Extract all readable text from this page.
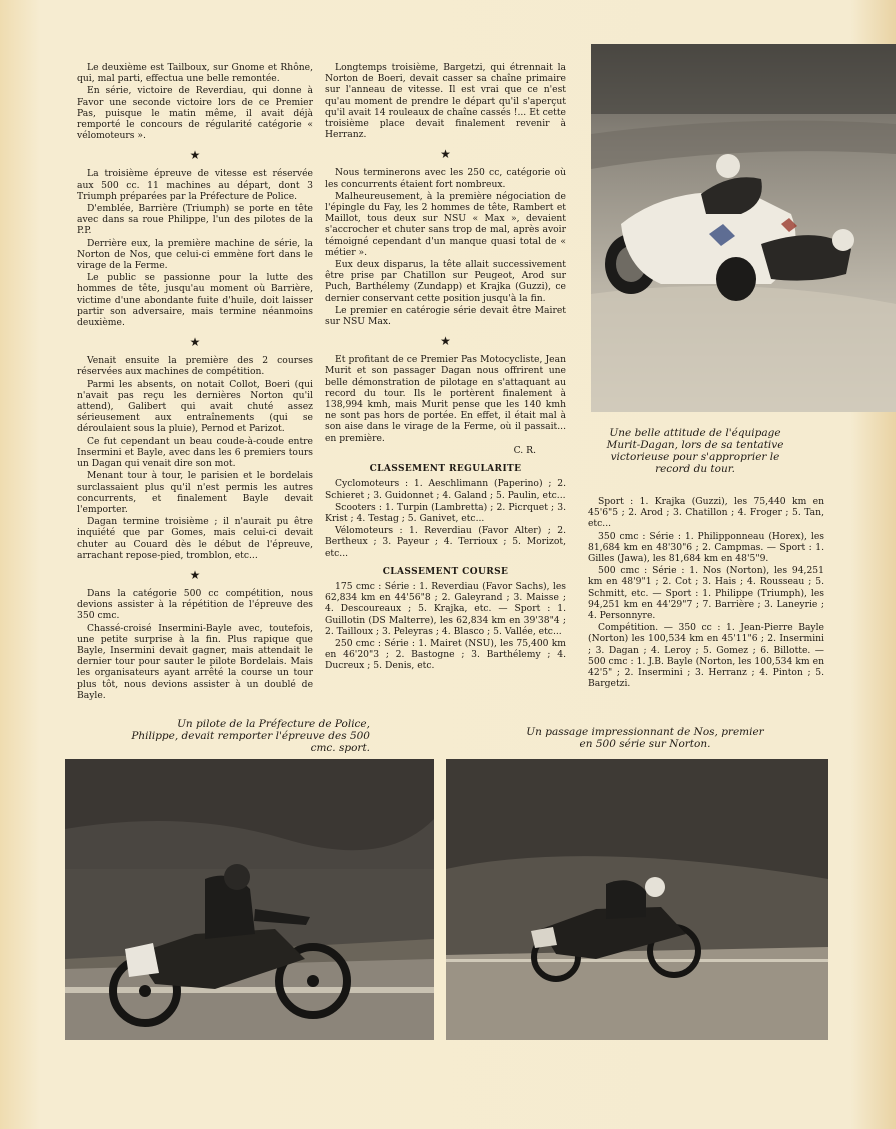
Le deuxième est Tailboux, sur Gnome et Rhône, qui, mal parti, effectua une belle remontée.

En série, victoire de Reverdiau, qui donne à Favor une seconde victoire lors de ce Premier Pas, puisque le matin même, il avait déjà remporté le concours de régularité catégorie « vélomoteurs ».

★

La troisième épreuve de vitesse est réservée aux 500 cc. 11 machines au départ, dont 3 Triumph préparées par la Préfecture de Police.

D'emblée, Barrière (Triumph) se porte en tête avec dans sa roue Philippe, l'un des pilotes de la P.P.

Derrière eux, la première machine de série, la Norton de Nos, que celui-ci emmène fort dans le virage de la Ferme.

Le public se passionne pour la lutte des hommes de tête, jusqu'au moment où Barrière, victime d'une abondante fuite d'huile, doit laisser partir son adversaire, mais termine néanmoins deuxième.

★

Venait ensuite la première des 2 courses réservées aux machines de compétition.

Parmi les absents, on notait Collot, Boeri (qui n'avait pas reçu les dernières Norton qu'il attend), Galibert qui avait chuté assez sérieusement aux entraînements (qui se déroulaient sous la pluie), Pernod et Parizot.

Ce fut cependant un beau coude-à-coude entre Insermini et Bayle, avec dans les 6 premiers tours un Dagan qui venait dire son mot.

Menant tour à tour, le parisien et le bordelais surclassaient plus qu'il n'est permis les autres concurrents, et finalement Bayle devait l'emporter.

Dagan termine troisième ; il n'aurait pu être inquiété que par Gomes, mais celui-ci devait chuter au Couard dès le début de l'épreuve, arrachant repose-pied, tromblon, etc...

★

Dans la catégorie 500 cc compétition, nous devions assister à la répétition de l'épreuve des 350 cmc.

Chassé-croisé Insermini-Bayle avec, toutefois, une petite surprise à la fin. Plus rapique que Bayle, Insermini devait gagner, mais attendait le dernier tour pour sauter le pilote Bordelais. Mais les organisateurs ayant arrêté la course un tour plus tôt, nous devions assister à un doublé de Bayle.

Longtemps troisième, Bargetzi, qui étrennait la Norton de Boeri, devait casser sa chaîne primaire sur l'anneau de vitesse. Il est vrai que ce n'est qu'au moment de prendre le départ qu'il s'aperçut qu'il avait 14 rouleaux de chaîne cassés !... Et cette troisième place devait finalement revenir à Herranz.

★

Nous terminerons avec les 250 cc, catégorie où les concurrents étaient fort nombreux.

Malheureusement, à la première négociation de l'épingle du Fay, les 2 hommes de tête, Rambert et Maillot, tous deux sur NSU « Max », devaient s'accrocher et chuter sans trop de mal, après avoir témoigné cependant d'un manque quasi total de « métier ».

Eux deux disparus, la tête allait successivement être prise par Chatillon sur Peugeot, Arod sur Puch, Barthélemy (Zundapp) et Krajka (Guzzi), ce dernier conservant cette position jusqu'à la fin.

Le premier en catérogie série devait être Mairet sur NSU Max.

★

Et profitant de ce Premier Pas Motocycliste, Jean Murit et son passager Dagan nous offrirent une belle démonstration de pilotage en s'attaquant au record du tour. Ils le portèrent finalement à 138,994 kmh, mais Murit pense que les 140 kmh ne sont pas hors de portée. En effet, il était mal à son aise dans le virage de la Ferme, où il passait... en première.

C. R.

CLASSEMENT REGULARITE

Cyclomoteurs : 1. Aeschlimann (Paperino) ; 2. Schieret ; 3. Guidonnet ; 4. Galand ; 5. Paulin, etc...

Scooters : 1. Turpin (Lambretta) ; 2. Picrquet ; 3. Krist ; 4. Testag ; 5. Ganivet, etc...

Vélomoteurs : 1. Reverdiau (Favor Alter) ; 2. Bertheux ; 3. Payeur ; 4. Terrioux ; 5. Morizot, etc...

CLASSEMENT COURSE

175 cmc : Série : 1. Reverdiau (Favor Sachs), les 62,834 km en 44'56"8 ; 2. Galeyrand ; 3. Maisse ; 4. Descoureaux ; 5. Krajka, etc. — Sport : 1. Guillotin (DS Malterre), les 62,834 km en 39'38"4 ; 2. Tailloux ; 3. Peleyras ; 4. Blasco ; 5. Vallée, etc...

250 cmc : Série : 1. Mairet (NSU), les 75,400 km en 46'20"3 ; 2. Bastogne ; 3. Barthélemy ; 4. Ducreux ; 5. Denis, etc.

Une belle attitude de l'équipage Murit-Dagan, lors de sa tentative victorieuse pour s'approprier le record du tour.

Sport : 1. Krajka (Guzzi), les 75,440 km en 45'6"5 ; 2. Arod ; 3. Chatillon ; 4. Froger ; 5. Tan, etc...

350 cmc : Série : 1. Philipponneau (Horex), les 81,684 km en 48'30"6 ; 2. Campmas. — Sport : 1. Gilles (Jawa), les 81,684 km en 48'5"9.

500 cmc : Série : 1. Nos (Norton), les 94,251 km en 48'9"1 ; 2. Cot ; 3. Hais ; 4. Rousseau ; 5. Schmitt, etc. — Sport : 1. Philippe (Triumph), les 94,251 km en 44'29"7 ; 7. Barrière ; 3. Laneyrie ; 4. Personnyre.

Compétition. — 350 cc : 1. Jean-Pierre Bayle (Norton) les 100,534 km en 45'11"6 ; 2. Insermini ; 3. Dagan ; 4. Leroy ; 5. Gomez ; 6. Billotte. — 500 cmc : 1. J.B. Bayle (Norton, les 100,534 km en 42'5" ; 2. Insermini ; 3. Herranz ; 4. Pinton ; 5. Bargetzi.

Un pilote de la Préfecture de Police, Philippe, devait remporter l'épreuve des 500 cmc. sport.
Un passage impressionnant de Nos, premier en 500 série sur Norton.
